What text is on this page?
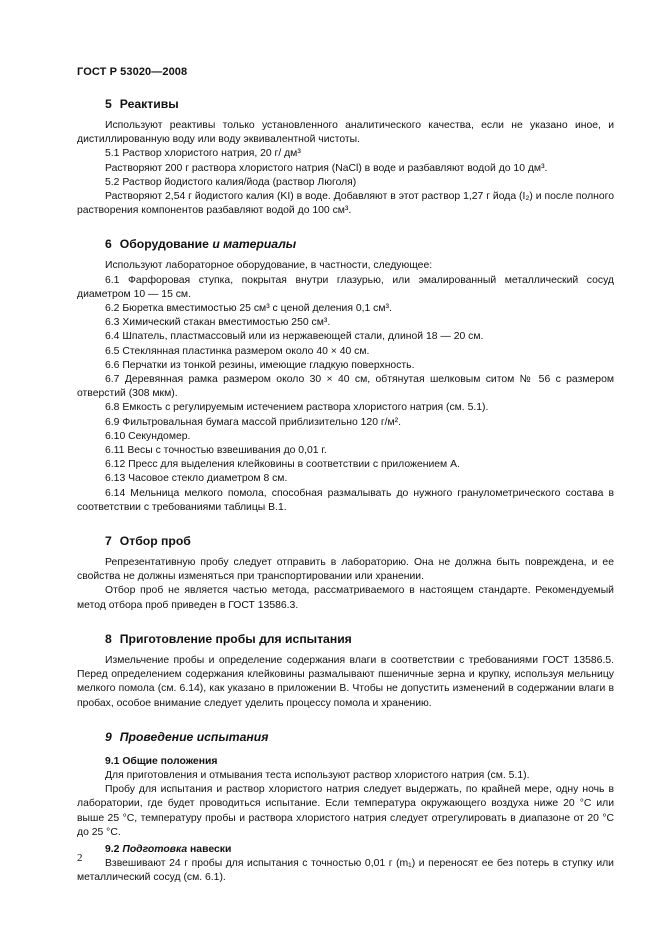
ГОСТ Р 53020—2008
5 Реактивы

Используют реактивы только установленного аналитического качества, если не указано иное, и дистиллированную воду или воду эквивалентной чистоты.

5.1 Раствор хлористого натрия, 20 г/ дм³

Растворяют 200 г раствора хлористого натрия (NaCl) в воде и разбавляют водой до 10 дм³.

5.2 Раствор йодистого калия/йода (раствор Люголя)

Растворяют 2,54 г йодистого калия (KI) в воде. Добавляют в этот раствор 1,27 г йода (I₂) и после полного растворения компонентов разбавляют водой до 100 см³.

6 Оборудование и материалы

Используют лабораторное оборудование, в частности, следующее:

6.1 Фарфоровая ступка, покрытая внутри глазурью, или эмалированный металлический сосуд диаметром 10 — 15 см.

6.2 Бюретка вместимостью 25 см³ с ценой деления 0,1 см³.

6.3 Химический стакан вместимостью 250 см³.

6.4 Шпатель, пластмассовый или из нержавеющей стали, длиной 18 — 20 см.

6.5 Стеклянная пластинка размером около 40 × 40 см.

6.6 Перчатки из тонкой резины, имеющие гладкую поверхность.

6.7 Деревянная рамка размером около 30 × 40 см, обтянутая шелковым ситом № 56 с размером отверстий (308 мкм).

6.8 Емкость с регулируемым истечением раствора хлористого натрия (см. 5.1).

6.9 Фильтровальная бумага массой приблизительно 120 г/м².

6.10 Секундомер.

6.11 Весы с точностью взвешивания до 0,01 г.

6.12 Пресс для выделения клейковины в соответствии с приложением А.

6.13 Часовое стекло диаметром 8 см.

6.14 Мельница мелкого помола, способная размалывать до нужного гранулометрического состава в соответствии с требованиями таблицы В.1.

7 Отбор проб

Репрезентативную пробу следует отправить в лабораторию. Она не должна быть повреждена, и ее свойства не должны изменяться при транспортировании или хранении.

Отбор проб не является частью метода, рассматриваемого в настоящем стандарте. Рекомендуемый метод отбора проб приведен в ГОСТ 13586.3.

8 Приготовление пробы для испытания

Измельчение пробы и определение содержания влаги в соответствии с требованиями ГОСТ 13586.5. Перед определением содержания клейковины размалывают пшеничные зерна и крупку, используя мельницу мелкого помола (см. 6.14), как указано в приложении В. Чтобы не допустить изменений в содержании влаги в пробах, особое внимание следует уделить процессу помола и хранению.

9 Проведение испытания
9.1 Общие положения

Для приготовления и отмывания теста используют раствор хлористого натрия (см. 5.1).

Пробу для испытания и раствор хлористого натрия следует выдержать, по крайней мере, одну ночь в лаборатории, где будет проводиться испытание. Если температура окружающего воздуха ниже 20 °С или выше 25 °С, температуру пробы и раствора хлористого натрия следует отрегулировать в диапазоне от 20 °С до 25 °С.

9.2 Подготовка навески

Взвешивают 24 г пробы для испытания с точностью 0,01 г (m₁) и переносят ее без потерь в ступку или металлический сосуд (см. 6.1).

2
